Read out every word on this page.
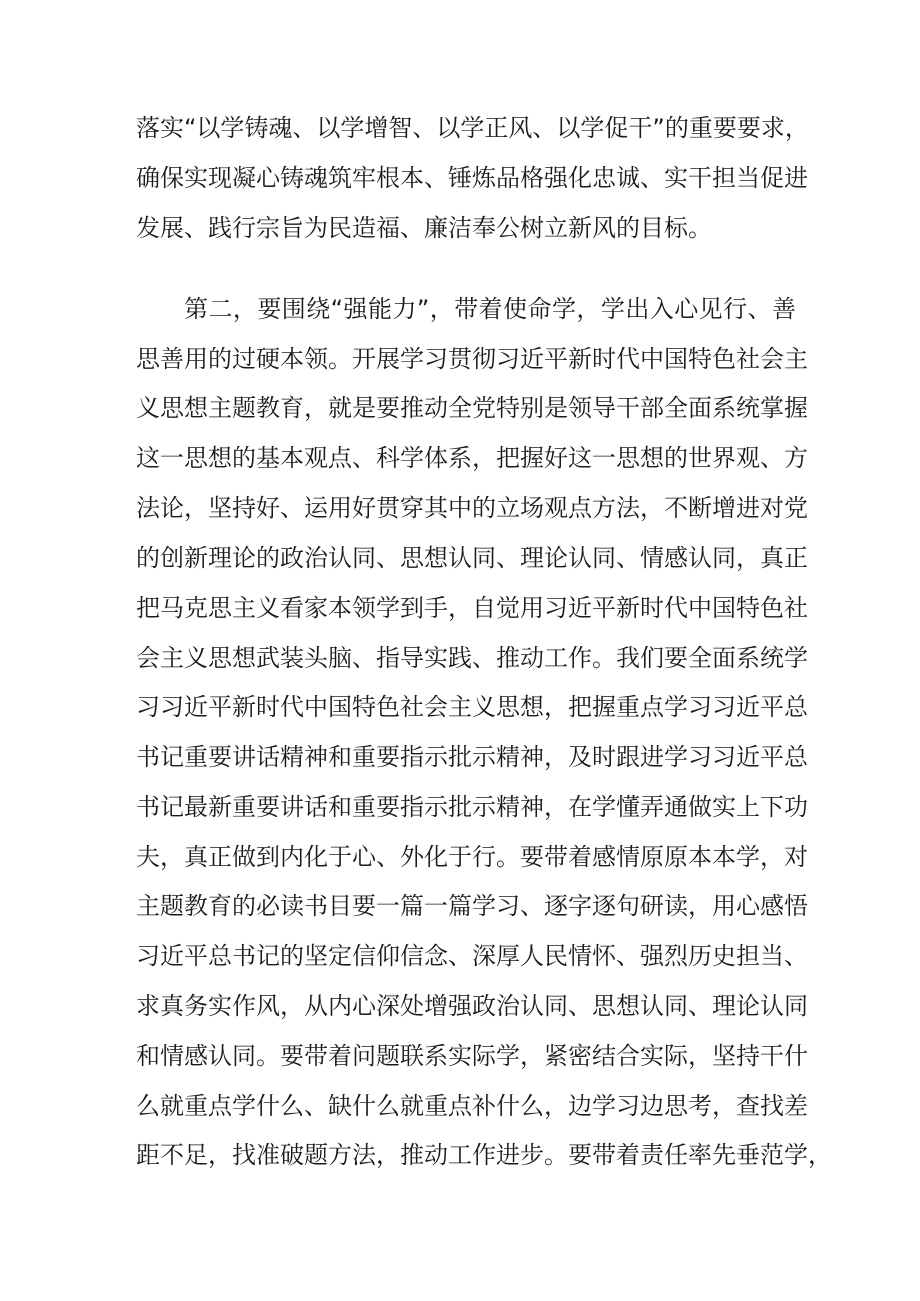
落实“以学铸魂、以学增智、以学正风、以学促干”的重要要求，
确保实现凝心铸魂筑牢根本、锤炼品格强化忠诚、实干担当促进
发展、践行宗旨为民造福、廉洁奉公树立新风的目标。
第二，要围绕“强能力”，带着使命学，学出入心见行、善
思善用的过硬本领。开展学习贯彻习近平新时代中国特色社会主
义思想主题教育，就是要推动全党特别是领导干部全面系统掌握
这一思想的基本观点、科学体系，把握好这一思想的世界观、方
法论，坚持好、运用好贯穿其中的立场观点方法，不断增进对党
的创新理论的政治认同、思想认同、理论认同、情感认同，真正
把马克思主义看家本领学到手，自觉用习近平新时代中国特色社
会主义思想武装头脑、指导实践、推动工作。我们要全面系统学
习习近平新时代中国特色社会主义思想，把握重点学习习近平总
书记重要讲话精神和重要指示批示精神，及时跟进学习习近平总
书记最新重要讲话和重要指示批示精神，在学懂弄通做实上下功
夫，真正做到内化于心、外化于行。要带着感情原原本本学，对
主题教育的必读书目要一篇一篇学习、逐字逐句研读，用心感悟
习近平总书记的坚定信仰信念、深厚人民情怀、强烈历史担当、
求真务实作风，从内心深处增强政治认同、思想认同、理论认同
和情感认同。要带着问题联系实际学，紧密结合实际，坚持干什
么就重点学什么、缺什么就重点补什么，边学习边思考，查找差
距不足，找准破题方法，推动工作进步。要带着责任率先垂范学，
